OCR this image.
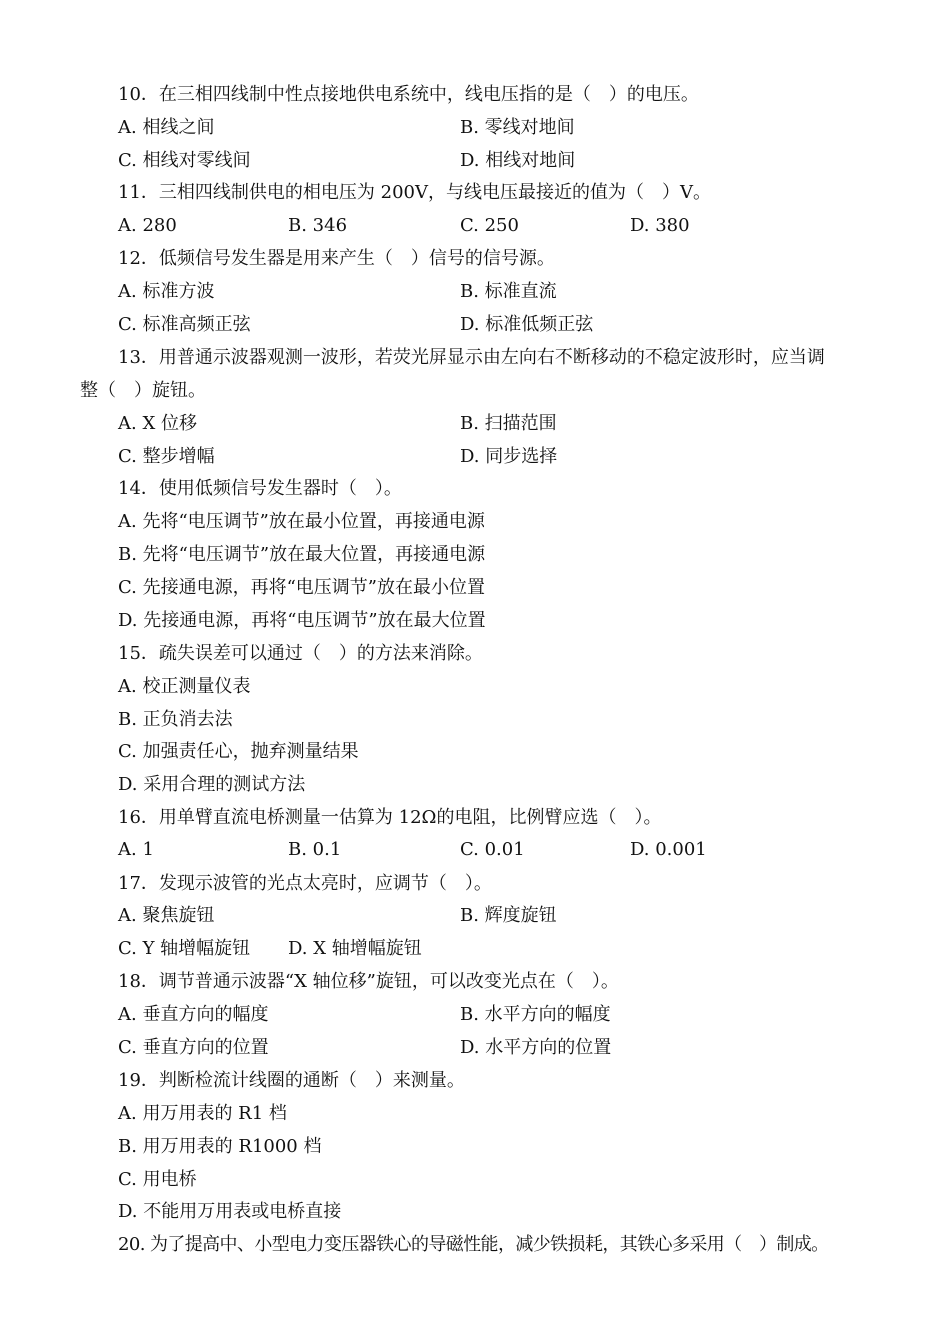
10．在三相四线制中性点接地供电系统中，线电压指的是（　）的电压。
A. 相线之间	B. 零线对地间
C. 相线对零线间	D. 相线对地间
11．三相四线制供电的相电压为 200V，与线电压最接近的值为（　）V。
A. 280	B. 346	C. 250	D. 380
12．低频信号发生器是用来产生（　）信号的信号源。
A. 标准方波	B. 标准直流
C. 标准高频正弦	D. 标准低频正弦
13．用普通示波器观测一波形，若荧光屏显示由左向右不断移动的不稳定波形时，应当调
整（　）旋钮。
A. X 位移	B. 扫描范围
C. 整步增幅	D. 同步选择
14．使用低频信号发生器时（　）。
A. 先将“电压调节”放在最小位置，再接通电源
B. 先将“电压调节”放在最大位置，再接通电源
C. 先接通电源，再将“电压调节”放在最小位置
D. 先接通电源，再将“电压调节”放在最大位置
15．疏失误差可以通过（　）的方法来消除。
A. 校正测量仪表
B. 正负消去法
C. 加强责任心，抛弃测量结果
D. 采用合理的测试方法
16．用单臂直流电桥测量一估算为 12Ω的电阻，比例臂应选（　）。
A. 1	B. 0.1	C. 0.01	D. 0.001
17．发现示波管的光点太亮时，应调节（　）。
A. 聚焦旋钮	B. 辉度旋钮
C. Y 轴增幅旋钮 D. X 轴增幅旋钮
18．调节普通示波器“X 轴位移”旋钮，可以改变光点在（　）。
A. 垂直方向的幅度	B. 水平方向的幅度
C. 垂直方向的位置	D. 水平方向的位置
19．判断检流计线圈的通断（　）来测量。
A. 用万用表的 R1 档
B. 用万用表的 R1000 档
C. 用电桥
D. 不能用万用表或电桥直接
20. 为了提高中、小型电力变压器铁心的导磁性能，减少铁损耗，其铁心多采用（　）制成。
